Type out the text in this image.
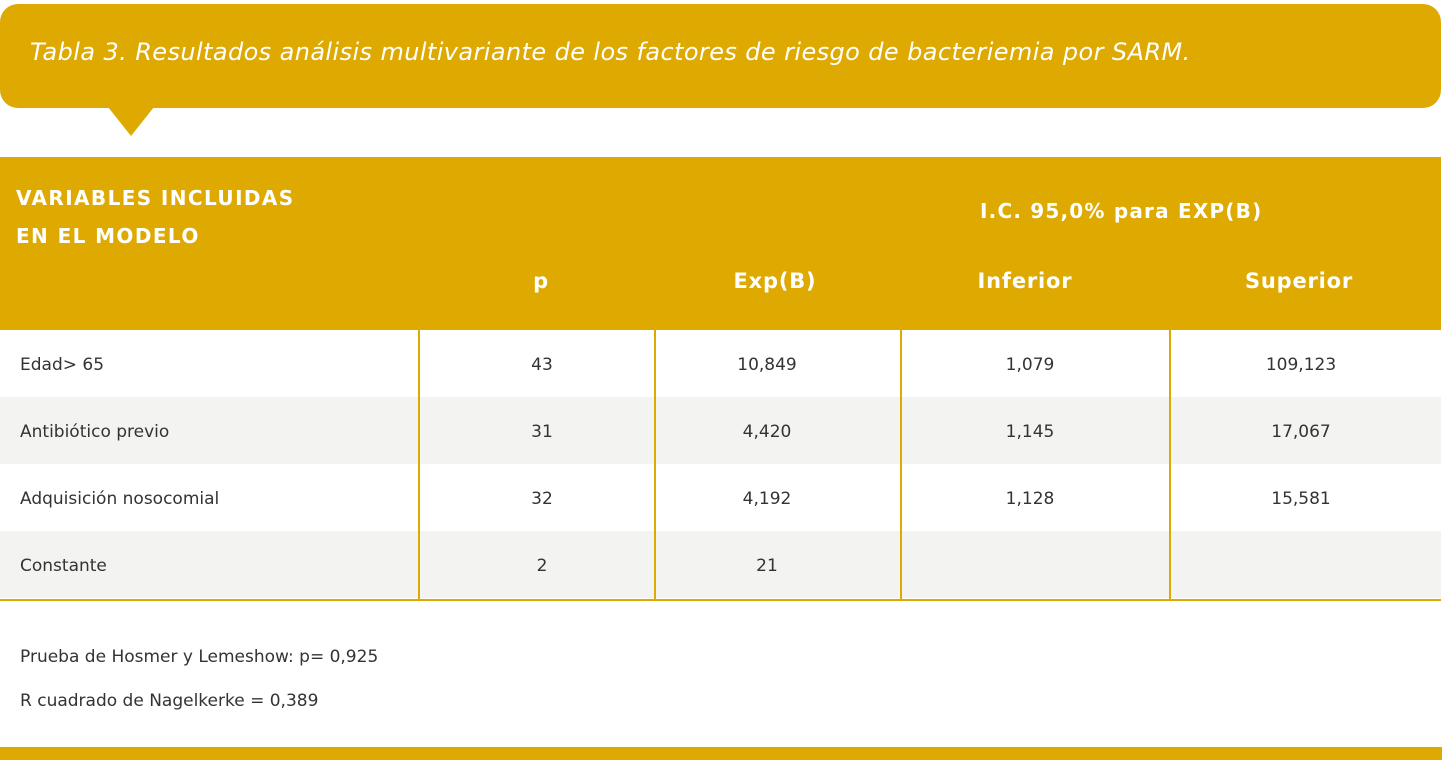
Tabla 3. Resultados análisis multivariante de los factores de riesgo de bacteriemia por SARM.
VARIABLES INCLUIDAS
EN EL MODELO
I.C. 95,0% para EXP(B)
p	Exp(B)	Inferior	Superior
Edad> 65	43	10,849	1,079	109,123
Antibiótico previo	31	4,420	1,145	17,067
Adquisición nosocomial	32	4,192	1,128	15,581
Constante	2	21
Prueba de Hosmer y Lemeshow: p= 0,925
R cuadrado de Nagelkerke = 0,389
